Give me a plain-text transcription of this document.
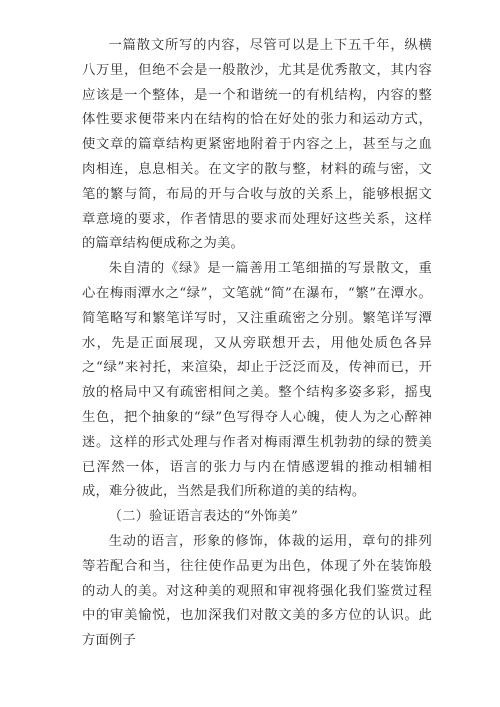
一篇散文所写的内容，尽管可以是上下五千年，纵横八万里，但绝不会是一般散沙，尤其是优秀散文，其内容应该是一个整体，是一个和谐统一的有机结构，内容的整体性要求便带来内在结构的恰在好处的张力和运动方式，使文章的篇章结构更紧密地附着于内容之上，甚至与之血肉相连，息息相关。在文字的散与整，材料的疏与密，文笔的繁与简，布局的开与合收与放的关系上，能够根据文章意境的要求，作者情思的要求而处理好这些关系，这样的篇章结构便成称之为美。

朱自清的《绿》是一篇善用工笔细描的写景散文，重心在梅雨潭水之“绿”，文笔就“简”在瀑布，“繁”在潭水。简笔略写和繁笔详写时，又注重疏密之分别。繁笔详写潭水，先是正面展现，又从旁联想开去，用他处质色各异之“绿”来衬托，来渲染，却止于泛泛而及，传神而已，开放的格局中又有疏密相间之美。整个结构多姿多彩，摇曳生色，把个抽象的“绿”色写得夺人心魄，使人为之心醉神迷。这样的形式处理与作者对梅雨潭生机勃勃的绿的赞美已浑然一体，语言的张力与内在情感逻辑的推动相辅相成，难分彼此，当然是我们所称道的美的结构。

（二）验证语言表达的“外饰美”

生动的语言，形象的修饰，体裁的运用，章句的排列等若配合和当，往往使作品更为出色，体现了外在装饰般的动人的美。对这种美的观照和审视将强化我们鉴赏过程中的审美愉悦，也加深我们对散文美的多方位的认识。此方面例子
